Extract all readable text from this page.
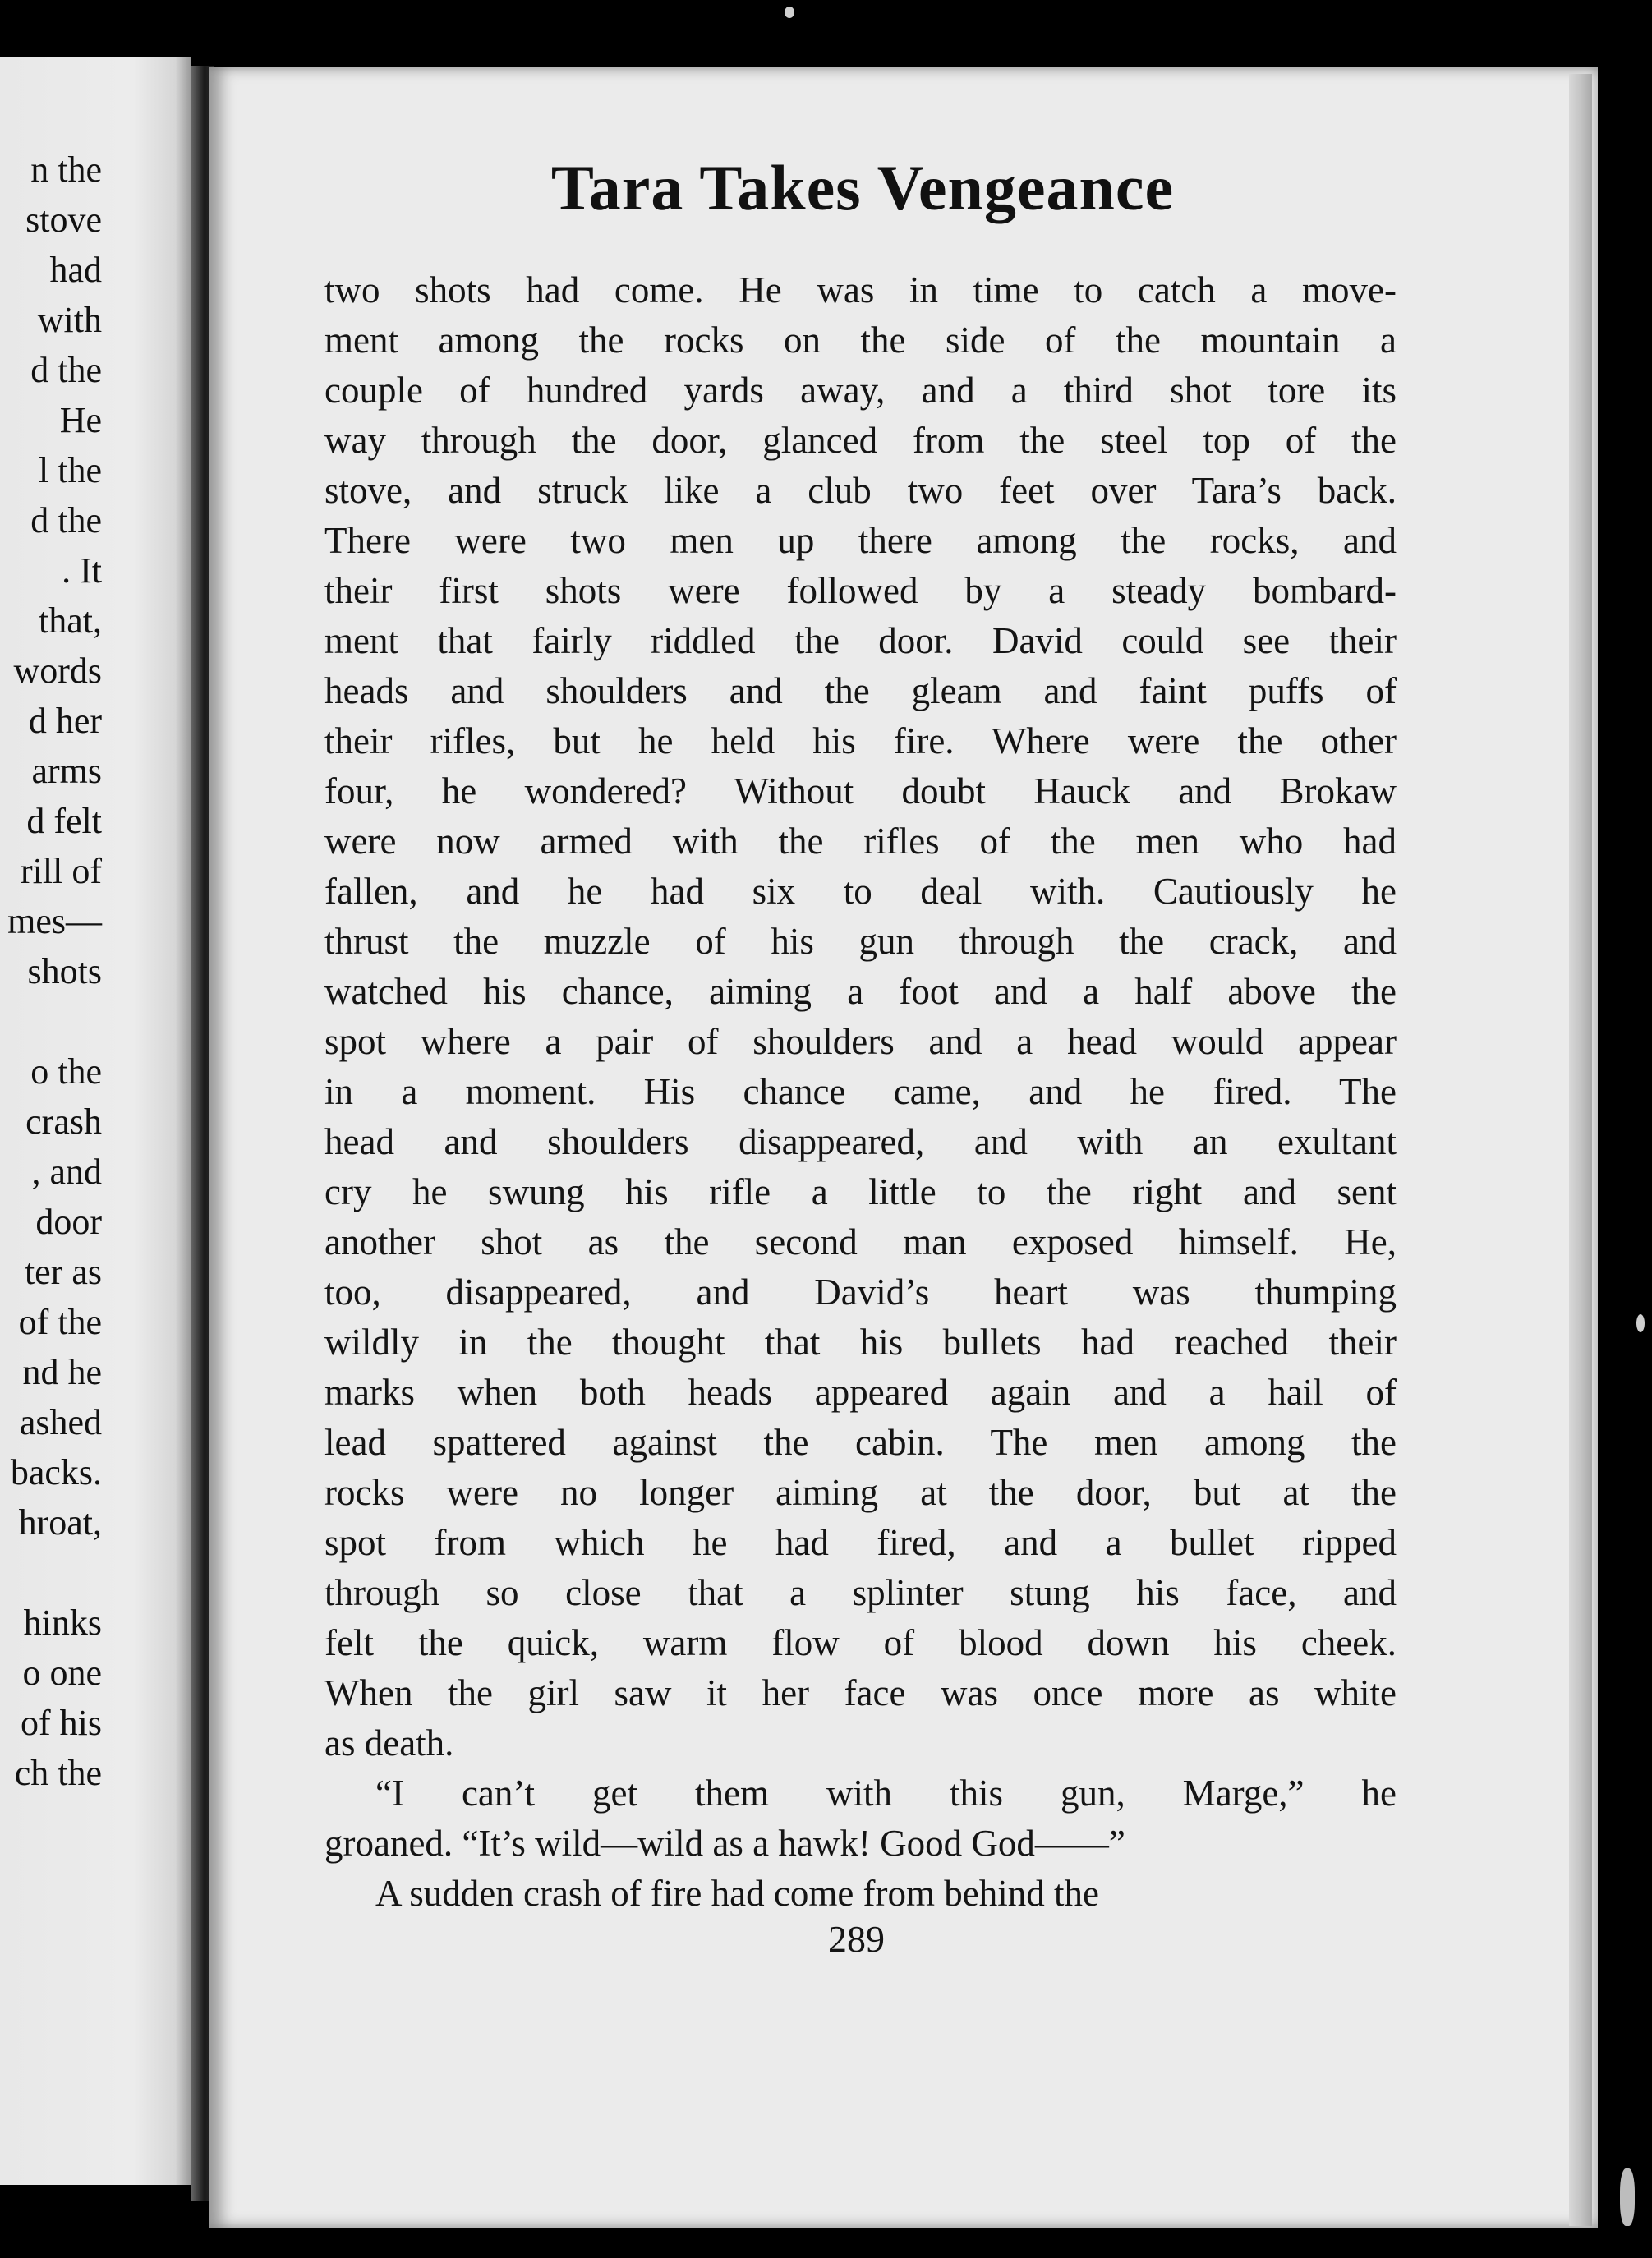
n the
stove
had
with
d the
He
l the
d the
. It
that,
words
d her
arms
d felt
rill of
mes—
shots
o the
crash
, and
door
ter as
of the
nd he
ashed
backs.
hroat,
hinks
o one
of his
ch the
Tara Takes Vengeance
two shots had come. He was in time to catch a move-
ment among the rocks on the side of the mountain a
couple of hundred yards away, and a third shot tore its
way through the door, glanced from the steel top of the
stove, and struck like a club two feet over Tara’s back.
There were two men up there among the rocks, and
their first shots were followed by a steady bombard-
ment that fairly riddled the door. David could see their
heads and shoulders and the gleam and faint puffs of
their rifles, but he held his fire. Where were the other
four, he wondered? Without doubt Hauck and Brokaw
were now armed with the rifles of the men who had
fallen, and he had six to deal with. Cautiously he
thrust the muzzle of his gun through the crack, and
watched his chance, aiming a foot and a half above the
spot where a pair of shoulders and a head would appear
in a moment. His chance came, and he fired. The
head and shoulders disappeared, and with an exultant
cry he swung his rifle a little to the right and sent
another shot as the second man exposed himself. He,
too, disappeared, and David’s heart was thumping
wildly in the thought that his bullets had reached their
marks when both heads appeared again and a hail of
lead spattered against the cabin. The men among the
rocks were no longer aiming at the door, but at the
spot from which he had fired, and a bullet ripped
through so close that a splinter stung his face, and
felt the quick, warm flow of blood down his cheek.
When the girl saw it her face was once more as white
as death.
“I can’t get them with this gun, Marge,” he
groaned. “It’s wild—wild as a hawk! Good God——”
A sudden crash of fire had come from behind the
289
